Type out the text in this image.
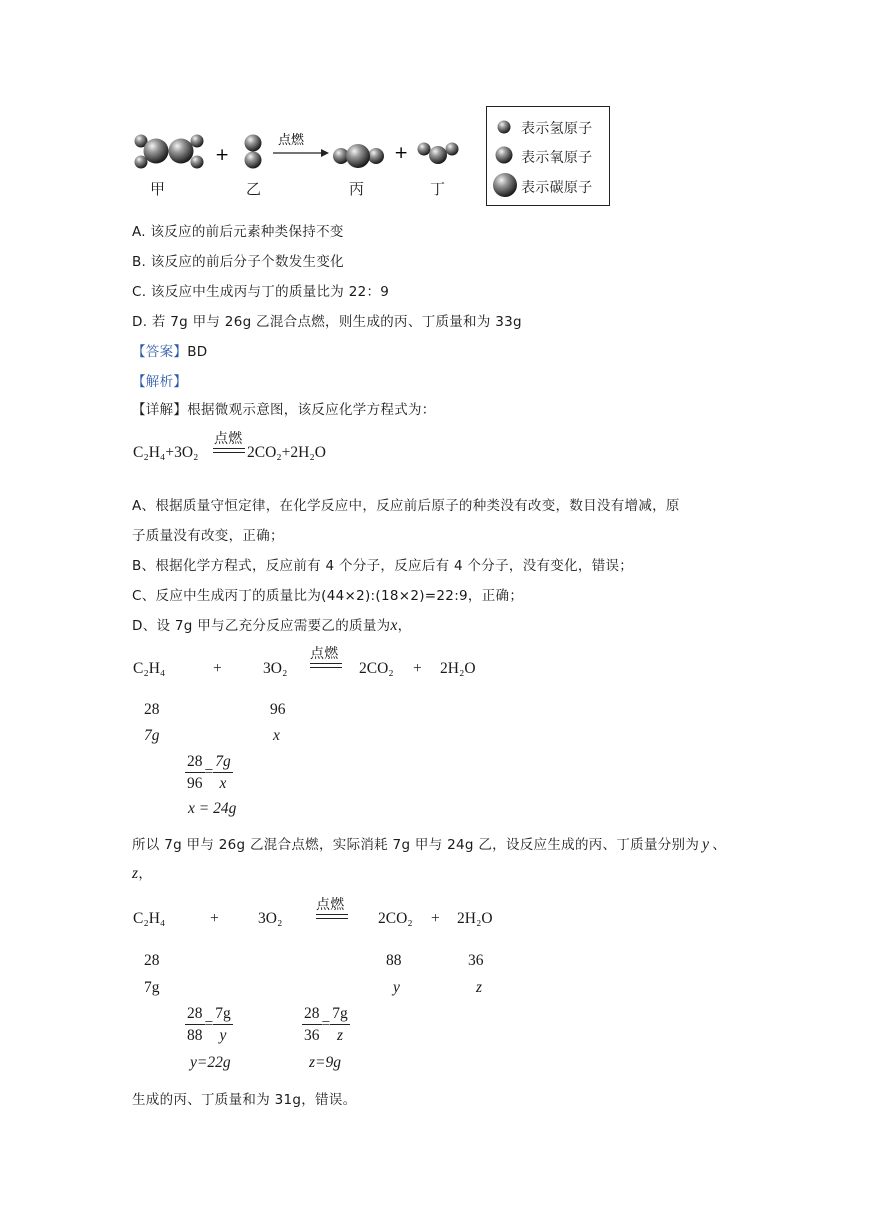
+
点燃
+
甲	乙	丙	丁
表示氢原子
表示氧原子
表示碳原子
A. 该反应的前后元素种类保持不变
B. 该反应的前后分子个数发生变化
C. 该反应中生成丙与丁的质量比为 22：9
D. 若 7g 甲与 26g 乙混合点燃，则生成的丙、丁质量和为 33g
【答案】BD
【解析】
【详解】根据微观示意图，该反应化学方程式为：
C₂H₄+3O₂
点燃
2CO₂+2H₂O
A、根据质量守恒定律，在化学反应中，反应前后原子的种类没有改变，数目没有增减，原
子质量没有改变，正确；
B、根据化学方程式，反应前有 4 个分子，反应后有 4 个分子，没有变化，错误；
C、反应中生成丙丁的质量比为(44×2):(18×2)=22:9，正确；
D、设 7g 甲与乙充分反应需要乙的质量为x，
C₂H₄	+	3O₂
点燃
2CO₂ + 2H₂O
28	96
7g	x
$\frac{28}{96} = \frac{7g}{x}$
x = 24g
所以 7g 甲与 26g 乙混合点燃，实际消耗 7g 甲与 24g 乙，设反应生成的丙、丁质量分别为 y 、
z，
C₂H₄	+	3O₂
点燃
2CO₂ + 2H₂O
28	88	36
7g	y	z
$\frac{28}{88} = \frac{7g}{y}$	$\frac{28}{36} = \frac{7g}{z}$
y=22g	z=9g
生成的丙、丁质量和为 31g，错误。
